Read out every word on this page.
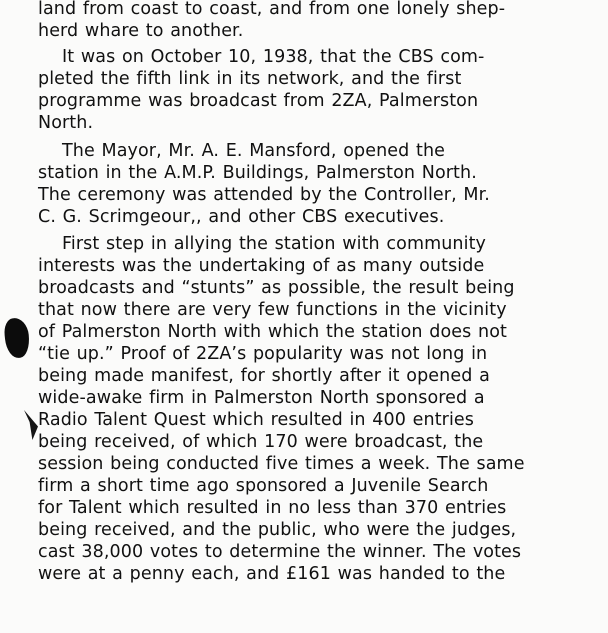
land from coast to coast, and from one lonely shep-
herd whare to another.
It was on October 10, 1938, that the CBS com-
pleted the fifth link in its network, and the first
programme was broadcast from 2ZA, Palmerston
North.
The Mayor, Mr. A. E. Mansford, opened the
station in the A.M.P. Buildings, Palmerston North.
The ceremony was attended by the Controller, Mr.
C. G. Scrimgeour,, and other CBS executives.
First step in allying the station with community
interests was the undertaking of as many outside
broadcasts and “stunts” as possible, the result being
that now there are very few functions in the vicinity
of Palmerston North with which the station does not
“tie up.” Proof of 2ZA’s popularity was not long in
being made manifest, for shortly after it opened a
wide-awake firm in Palmerston North sponsored a
Radio Talent Quest which resulted in 400 entries
being received, of which 170 were broadcast, the
session being conducted five times a week. The same
firm a short time ago sponsored a Juvenile Search
for Talent which resulted in no less than 370 entries
being received, and the public, who were the judges,
cast 38,000 votes to determine the winner. The votes
were at a penny each, and £161 was handed to the
